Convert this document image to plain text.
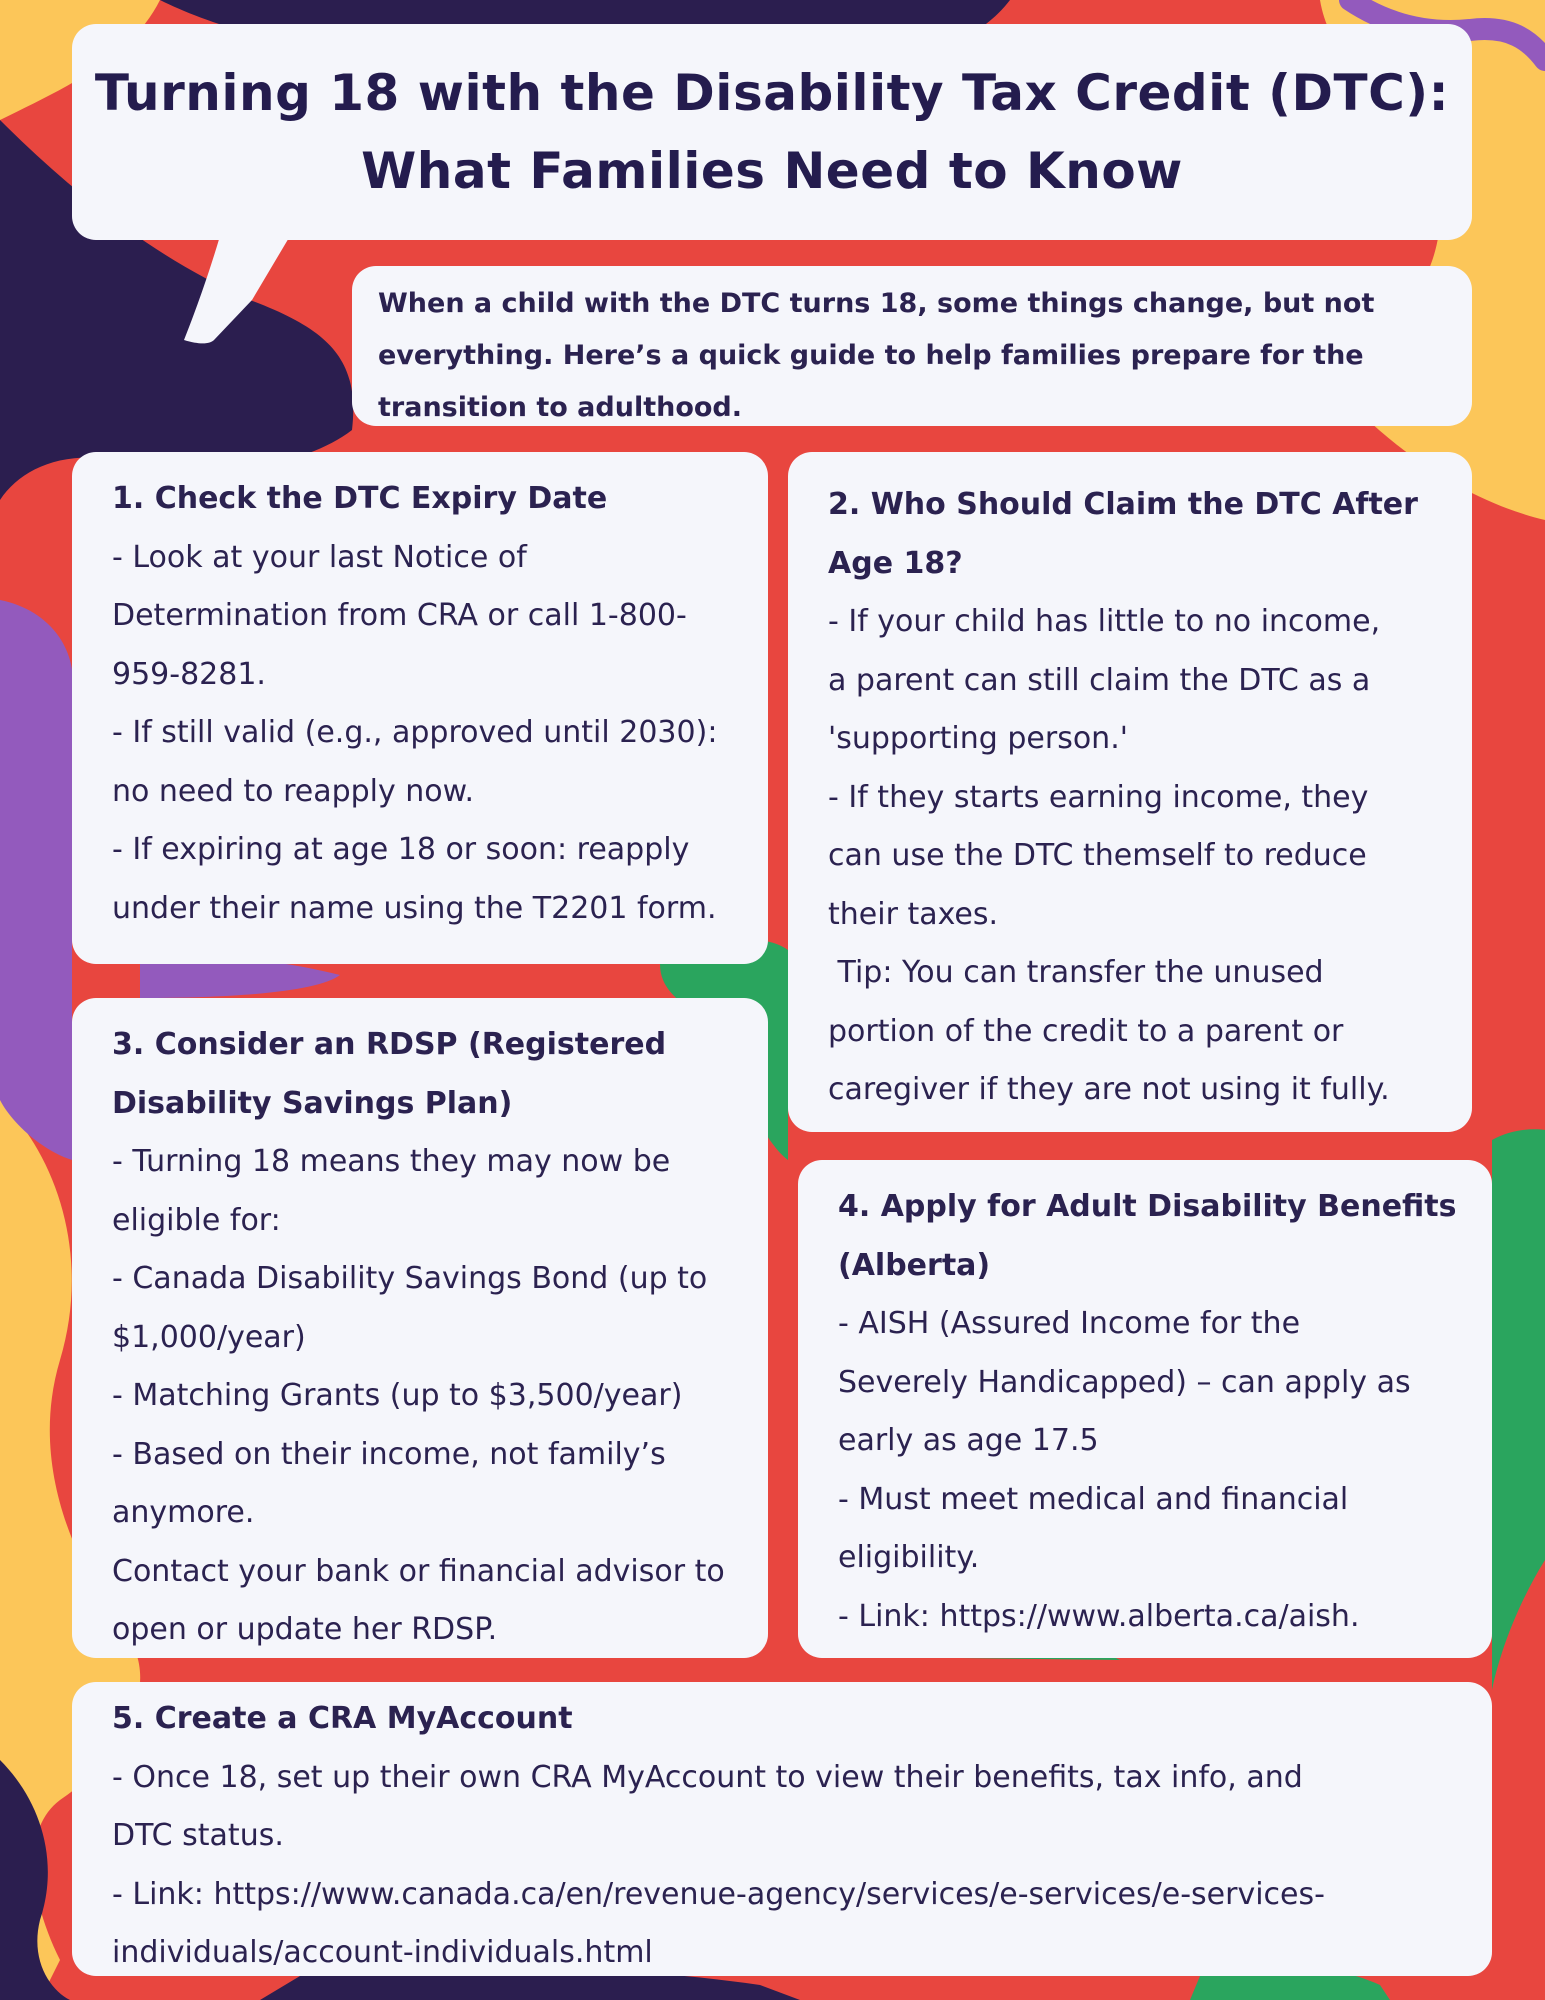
Turning 18 with the Disability Tax Credit (DTC):
What Families Need to Know
When a child with the DTC turns 18, some things change, but not
everything. Here’s a quick guide to help families prepare for the
transition to adulthood.
1. Check the DTC Expiry Date
- Look at your last Notice of
Determination from CRA or call 1-800-
959-8281.
- If still valid (e.g., approved until 2030):
no need to reapply now.
- If expiring at age 18 or soon: reapply
under their name using the T2201 form.
2. Who Should Claim the DTC After
Age 18?
- If your child has little to no income,
a parent can still claim the DTC as a
'supporting person.'
- If they starts earning income, they
can use the DTC themself to reduce
their taxes.
Tip: You can transfer the unused
portion of the credit to a parent or
caregiver if they are not using it fully.
3. Consider an RDSP (Registered
Disability Savings Plan)
- Turning 18 means they may now be
eligible for:
- Canada Disability Savings Bond (up to
$1,000/year)
- Matching Grants (up to $3,500/year)
- Based on their income, not family’s
anymore.
Contact your bank or financial advisor to
open or update her RDSP.
4. Apply for Adult Disability Benefits
(Alberta)
- AISH (Assured Income for the
Severely Handicapped) – can apply as
early as age 17.5
- Must meet medical and financial
eligibility.
- Link: https://www.alberta.ca/aish.
5. Create a CRA MyAccount
- Once 18, set up their own CRA MyAccount to view their benefits, tax info, and
DTC status.
- Link: https://www.canada.ca/en/revenue-agency/services/e-services/e-services-
individuals/account-individuals.html
